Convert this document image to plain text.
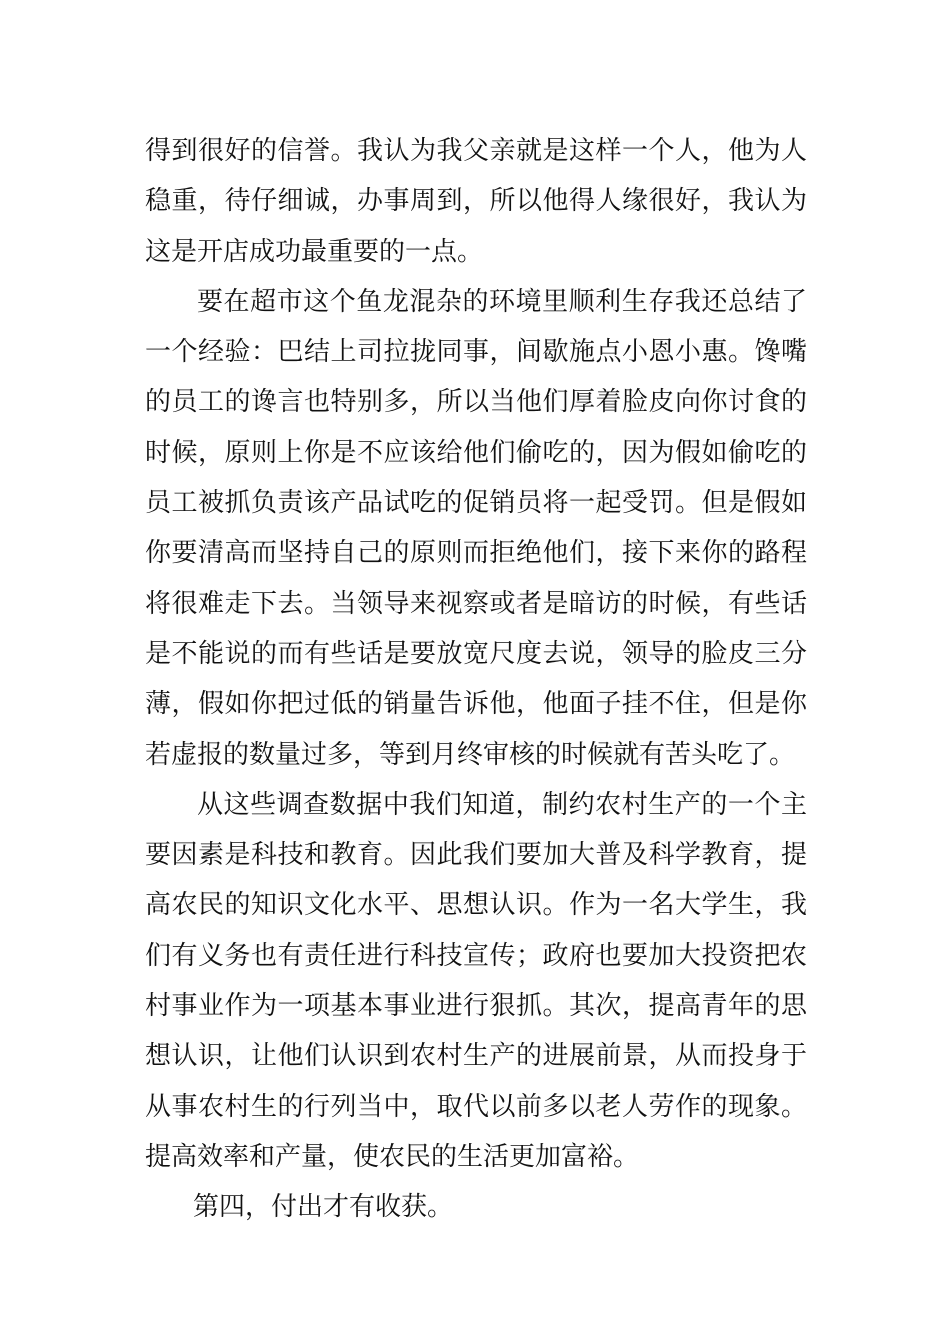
得到很好的信誉。我认为我父亲就是这样一个人，他为人稳重，待仔细诚，办事周到，所以他得人缘很好，我认为这是开店成功最重要的一点。

要在超市这个鱼龙混杂的环境里顺利生存我还总结了一个经验：巴结上司拉拢同事，间歇施点小恩小惠。馋嘴的员工的谗言也特别多，所以当他们厚着脸皮向你讨食的时候，原则上你是不应该给他们偷吃的，因为假如偷吃的员工被抓负责该产品试吃的促销员将一起受罚。但是假如你要清高而坚持自己的原则而拒绝他们，接下来你的路程将很难走下去。当领导来视察或者是暗访的时候，有些话是不能说的而有些话是要放宽尺度去说，领导的脸皮三分薄，假如你把过低的销量告诉他，他面子挂不住，但是你若虚报的数量过多，等到月终审核的时候就有苦头吃了。

从这些调查数据中我们知道，制约农村生产的一个主要因素是科技和教育。因此我们要加大普及科学教育，提高农民的知识文化水平、思想认识。作为一名大学生，我们有义务也有责任进行科技宣传；政府也要加大投资把农村事业作为一项基本事业进行狠抓。其次，提高青年的思想认识，让他们认识到农村生产的进展前景，从而投身于从事农村生的行列当中，取代以前多以老人劳作的现象。提高效率和产量，使农民的生活更加富裕。

第四，付出才有收获。
